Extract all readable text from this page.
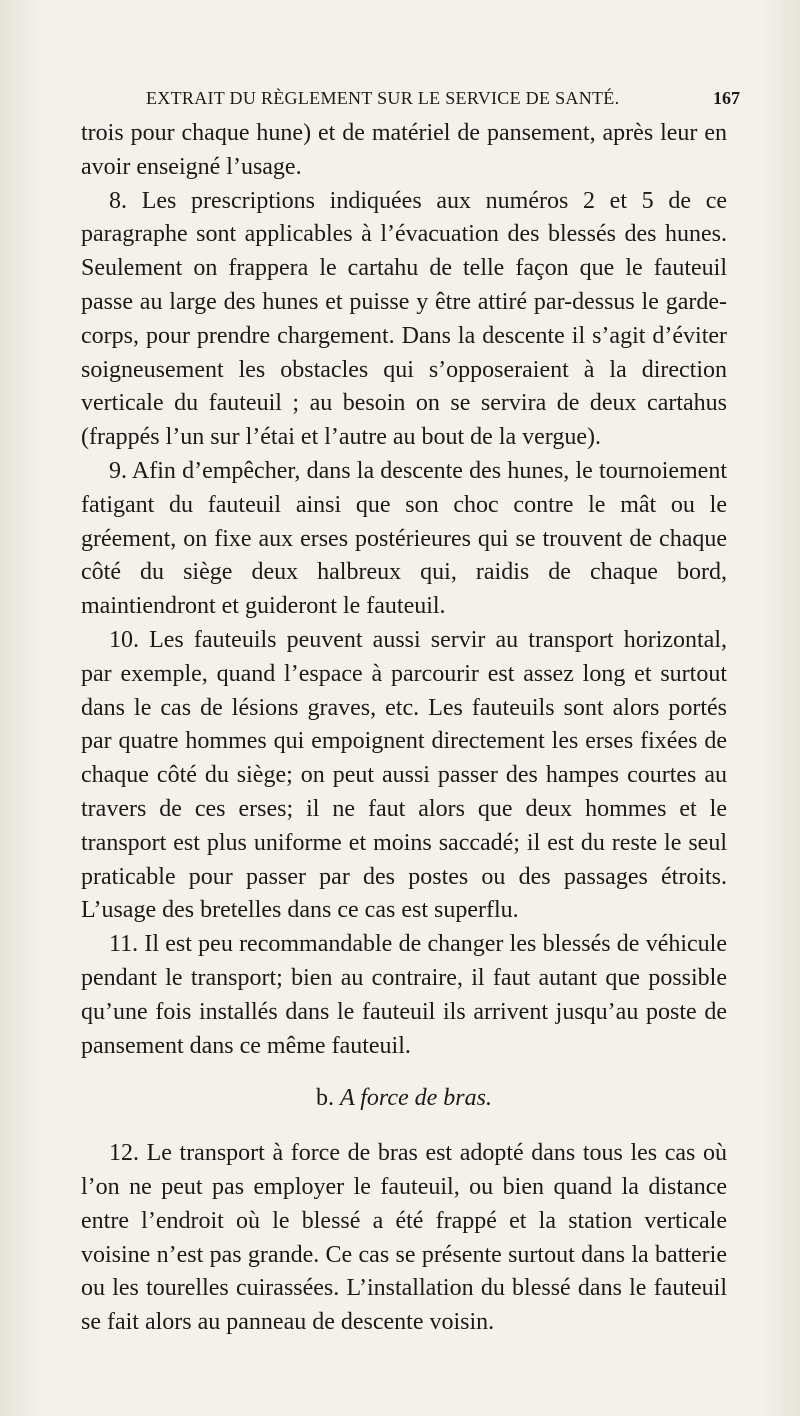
EXTRAIT DU RÈGLEMENT SUR LE SERVICE DE SANTÉ.	167

trois pour chaque hune) et de matériel de pansement, après leur en avoir enseigné l’usage.

8. Les prescriptions indiquées aux numéros 2 et 5 de ce paragraphe sont applicables à l’évacuation des blessés des hunes. Seulement on frappera le cartahu de telle façon que le fauteuil passe au large des hunes et puisse y être attiré par-dessus le garde-corps, pour prendre chargement. Dans la descente il s’agit d’éviter soigneusement les obstacles qui s’opposeraient à la direction verticale du fauteuil ; au besoin on se servira de deux cartahus (frappés l’un sur l’étai et l’autre au bout de la vergue).

9. Afin d’empêcher, dans la descente des hunes, le tournoiement fatigant du fauteuil ainsi que son choc contre le mât ou le gréement, on fixe aux erses postérieures qui se trouvent de chaque côté du siège deux halbreux qui, raidis de chaque bord, maintiendront et guideront le fauteuil.

10. Les fauteuils peuvent aussi servir au transport horizontal, par exemple, quand l’espace à parcourir est assez long et surtout dans le cas de lésions graves, etc. Les fauteuils sont alors portés par quatre hommes qui empoignent directement les erses fixées de chaque côté du siège; on peut aussi passer des hampes courtes au travers de ces erses; il ne faut alors que deux hommes et le transport est plus uniforme et moins saccadé; il est du reste le seul praticable pour passer par des postes ou des passages étroits. L’usage des bretelles dans ce cas est superflu.

11. Il est peu recommandable de changer les blessés de véhicule pendant le transport; bien au contraire, il faut autant que possible qu’une fois installés dans le fauteuil ils arrivent jusqu’au poste de pansement dans ce même fauteuil.

b. A force de bras.

12. Le transport à force de bras est adopté dans tous les cas où l’on ne peut pas employer le fauteuil, ou bien quand la distance entre l’endroit où le blessé a été frappé et la station verticale voisine n’est pas grande. Ce cas se présente surtout dans la batterie ou les tourelles cuirassées. L’installation du blessé dans le fauteuil se fait alors au panneau de descente voisin.
